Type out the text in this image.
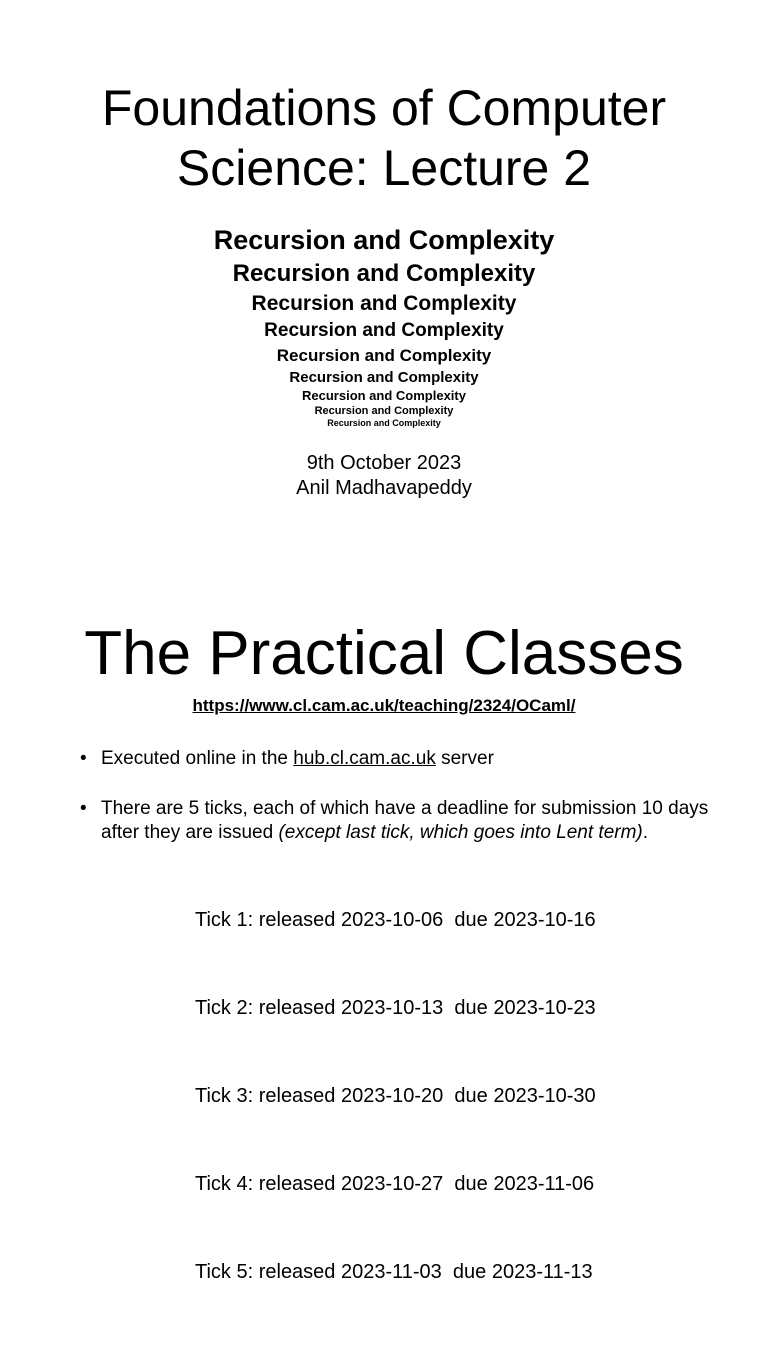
Foundations of Computer
Science: Lecture 2
Recursion and Complexity
Recursion and Complexity
Recursion and Complexity
Recursion and Complexity
Recursion and Complexity
Recursion and Complexity
Recursion and Complexity
Recursion and Complexity
Recursion and Complexity
9th October 2023
Anil Madhavapeddy
The Practical Classes
https://www.cl.cam.ac.uk/teaching/2324/OCaml/
• Executed online in the hub.cl.cam.ac.uk server
• There are 5 ticks, each of which have a deadline for submission 10 days after they are issued (except last tick, which goes into Lent term).

Tick 1: released 2023-10-06  due 2023-10-16

Tick 2: released 2023-10-13  due 2023-10-23

Tick 3: released 2023-10-20  due 2023-10-30

Tick 4: released 2023-10-27  due 2023-11-06

Tick 5: released 2023-11-03  due 2023-11-13
